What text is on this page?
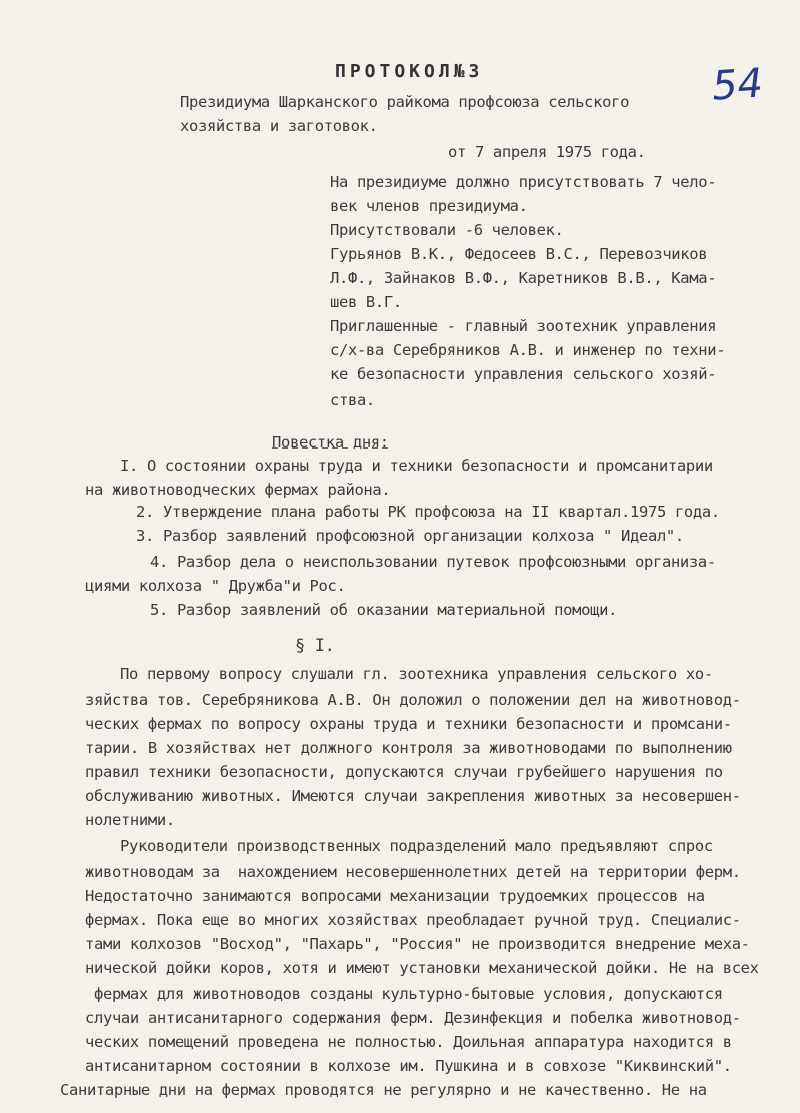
54
ПРОТОКОЛ№3
Президиума Шарканского райкома профсоюза сельского
хозяйства и заготовок.
от 7 апреля 1975 года.
На президиуме должно присутствовать 7 чело-
век членов президиума.
Присутствовали -6 человек.
Гурьянов В.К., Федосеев В.С., Перевозчиков
Л.Ф., Зайнаков В.Ф., Каретников В.В., Кама-
шев В.Г.
Приглашенные - главный зоотехник управления
с/х-ва Серебряников А.В. и инженер по техни-
ке безопасности управления сельского хозяй-
ства.
Повестка дня:
I. О состоянии охраны труда и техники безопасности и промсанитарии
на животноводческих фермах района.
2. Утверждение плана работы РК профсоюза на II квартал.1975 года.
3. Разбор заявлений профсоюзной организации колхоза " Идеал".
4. Разбор дела о неиспользовании путевок профсоюзными организа-
циями колхоза " Дружба"и Рос.
5. Разбор заявлений об оказании материальной помощи.
§ I.
По первому вопросу слушали гл. зоотехника управления сельского хо-
зяйства тов. Серебряникова А.В. Он доложил о положении дел на животновод-
ческих фермах по вопросу охраны труда и техники безопасности и промсани-
тарии. В хозяйствах нет должного контроля за животноводами по выполнению
правил техники безопасности, допускаются случаи грубейшего нарушения по
обслуживанию животных. Имеются случаи закрепления животных за несовершен-
нолетними.
Руководители производственных подразделений мало предъявляют спрос
животноводам за  нахождением несовершеннолетних детей на территории ферм.
Недостаточно занимаются вопросами механизации трудоемких процессов на
фермах. Пока еще во многих хозяйствах преобладает ручной труд. Специалис-
тами колхозов "Восход", "Пахарь", "Россия" не производится внедрение меха-
нической дойки коров, хотя и имеют установки механической дойки. Не на всех
фермах для животноводов созданы культурно-бытовые условия, допускаются
случаи антисанитарного содержания ферм. Дезинфекция и побелка животновод-
ческих помещений проведена не полностью. Доильная аппаратура находится в
антисанитарном состоянии в колхозе им. Пушкина и в совхозе "Киквинский".
Санитарные дни на фермах проводятся не регулярно и не качественно. Не на
